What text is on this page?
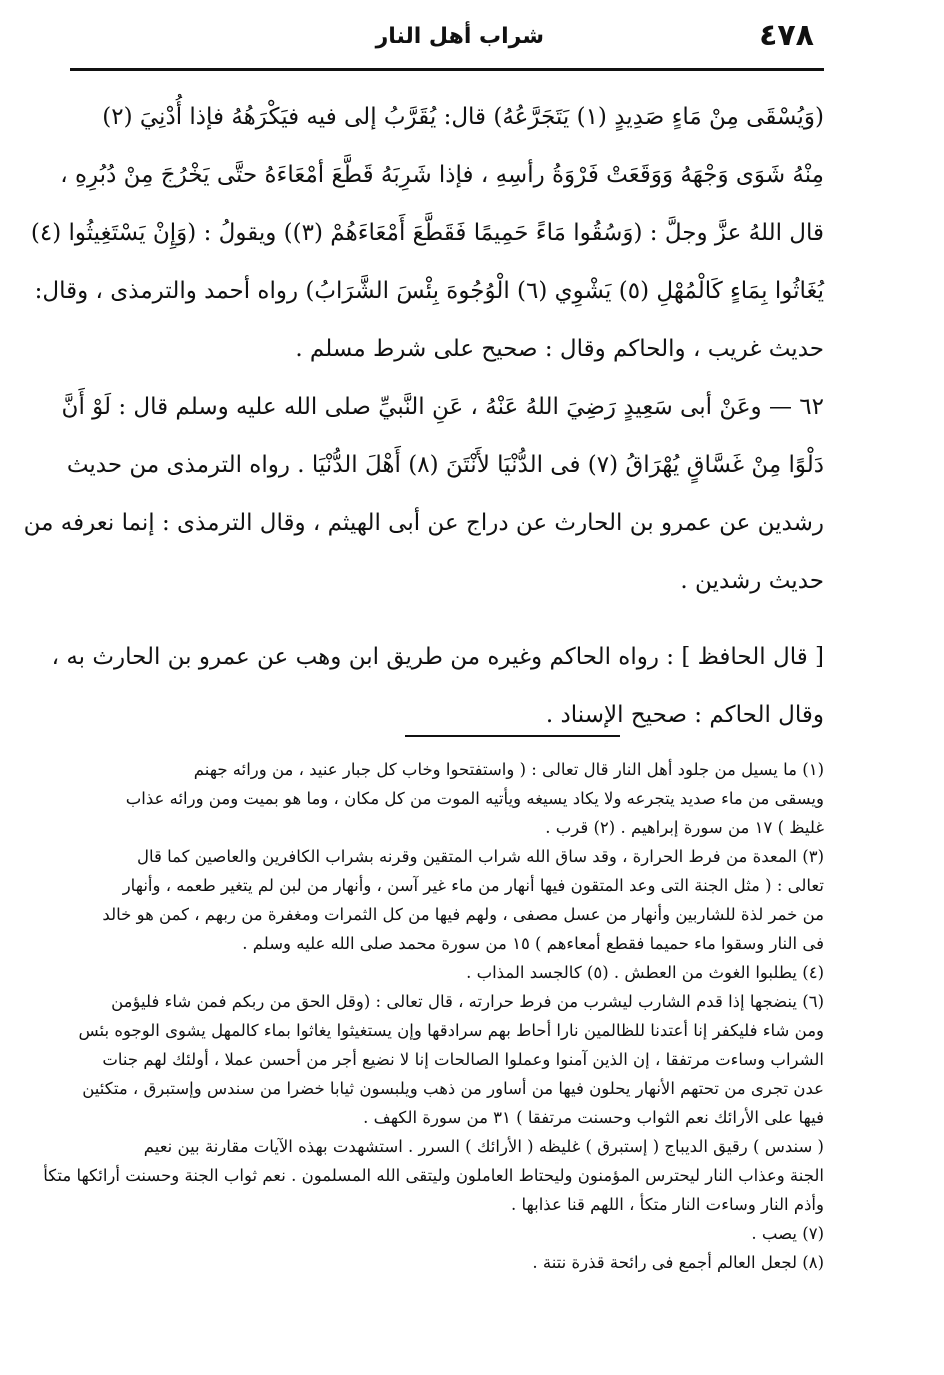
٤٧٨
شراب أهل النار
(وَيُسْقَى مِنْ مَاءٍ صَدِيدٍ (١) يَتَجَرَّعُهُ) قال: يُقَرَّبُ إلى فيه فيَكْرَهُهُ فإذا أُدْنِيَ (٢)
مِنْهُ شَوَى وَجْهَهُ وَوَقَعَتْ فَرْوَةُ رأسِهِ ، فإذا شَرِبَهُ قَطَّعَ أمْعَاءَهُ حتَّى يَخْرُجَ مِنْ دُبُرِهِ ،
قال اللهُ عزَّ وجلَّ : (وَسُقُوا مَاءً حَمِيمًا فَقَطَّعَ أَمْعَاءَهُمْ (٣)) ويقولُ : (وَإِنْ يَسْتَغِيثُوا (٤)
يُغَاثُوا بِمَاءٍ كَالْمُهْلِ (٥) يَشْوِي (٦) الْوُجُوهَ بِئْسَ الشَّرَابُ) رواه أحمد والترمذى ، وقال:
حديث غريب ، والحاكم وقال : صحيح على شرط مسلم .
٦٢ — وعَنْ أبى سَعِيدٍ رَضِيَ اللهُ عَنْهُ ، عَنِ النَّبيِّ صلى الله عليه وسلم قال : لَوْ أَنَّ
دَلْوًا مِنْ غَسَّاقٍ يُهْرَاقُ (٧) فى الدُّنْيَا لأَنْتَنَ (٨) أَهْلَ الدُّنْيَا . رواه الترمذى من حديث
رشدين عن عمرو بن الحارث عن دراج عن أبى الهيثم ، وقال الترمذى : إنما نعرفه من
حديث رشدين .
[ قال الحافظ ] : رواه الحاكم وغيره من طريق ابن وهب عن عمرو بن الحارث به ،
وقال الحاكم : صحيح الإسناد .
(١) ما يسيل من جلود أهل النار قال تعالى : ( واستفتحوا وخاب كل جبار عنيد ، من ورائه جهنم
ويسقى من ماء صديد يتجرعه ولا يكاد يسيغه ويأتيه الموت من كل مكان ، وما هو بميت ومن ورائه عذاب
غليظ ) ١٧ من سورة إبراهيم . (٢) قرب .
(٣) المعدة من فرط الحرارة ، وقد ساق الله شراب المتقين وقرنه بشراب الكافرين والعاصين كما قال
تعالى : ( مثل الجنة التى وعد المتقون فيها أنهار من ماء غير آسن ، وأنهار من لبن لم يتغير طعمه ، وأنهار
من خمر لذة للشاربين وأنهار من عسل مصفى ، ولهم فيها من كل الثمرات ومغفرة من ربهم ، كمن هو خالد
فى النار وسقوا ماء حميما فقطع أمعاءهم ) ١٥ من سورة محمد صلى الله عليه وسلم .
(٤) يطلبوا الغوث من العطش . (٥) كالجسد المذاب .
(٦) ينضجها إذا قدم الشارب ليشرب من فرط حرارته ، قال تعالى : (وقل الحق من ربكم فمن شاء فليؤمن
ومن شاء فليكفر إنا أعتدنا للظالمين نارا أحاط بهم سرادقها وإن يستغيثوا يغاثوا بماء كالمهل يشوى الوجوه بئس
الشراب وساءت مرتفقا ، إن الذين آمنوا وعملوا الصالحات إنا لا نضيع أجر من أحسن عملا ، أولئك لهم جنات
عدن تجرى من تحتهم الأنهار يحلون فيها من أساور من ذهب ويلبسون ثيابا خضرا من سندس وإستبرق ، متكئين
فيها على الأرائك نعم الثواب وحسنت مرتفقا ) ٣١ من سورة الكهف .
( سندس ) رقيق الديباج ( إستبرق ) غليظه ( الأرائك ) السرر . استشهدت بهذه الآيات مقارنة بين نعيم
الجنة وعذاب النار ليحترس المؤمنون وليحتاط العاملون وليتقى الله المسلمون . نعم ثواب الجنة وحسنت أرائكها متكأ
وأذم النار وساءت النار متكأ ، اللهم قنا عذابها .
(٧) يصب .
(٨) لجعل العالم أجمع فى رائحة قذرة نتنة .
